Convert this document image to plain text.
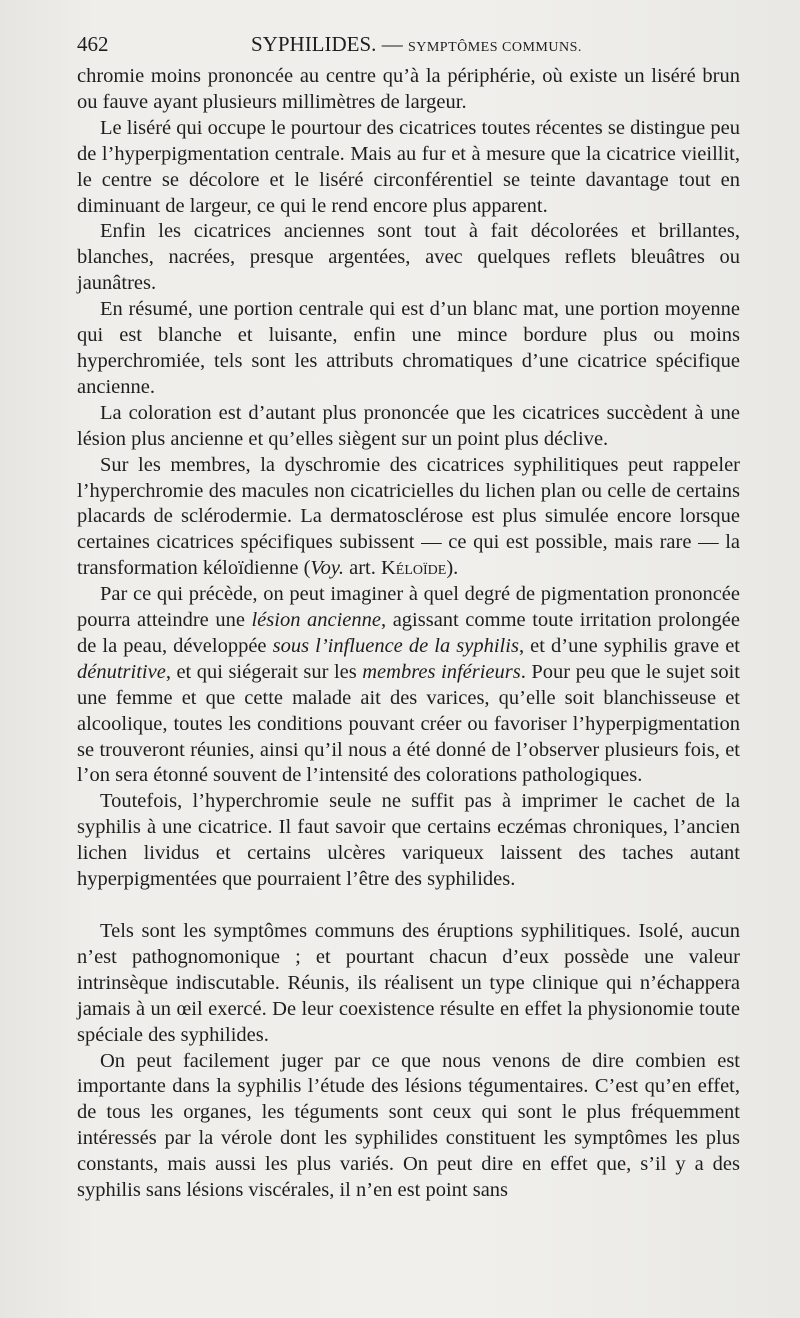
462	SYPHILIDES. — SYMPTÔMES COMMUNS.

chromie moins prononcée au centre qu’à la périphérie, où existe un liséré brun ou fauve ayant plusieurs millimètres de largeur.

Le liséré qui occupe le pourtour des cicatrices toutes récentes se distingue peu de l’hyperpigmentation centrale. Mais au fur et à mesure que la cicatrice vieillit, le centre se décolore et le liséré circonférentiel se teinte davantage tout en diminuant de largeur, ce qui le rend encore plus apparent.

Enfin les cicatrices anciennes sont tout à fait décolorées et brillantes, blanches, nacrées, presque argentées, avec quelques reflets bleuâtres ou jaunâtres.

En résumé, une portion centrale qui est d’un blanc mat, une portion moyenne qui est blanche et luisante, enfin une mince bordure plus ou moins hyperchromiée, tels sont les attributs chromatiques d’une cicatrice spécifique ancienne.

La coloration est d’autant plus prononcée que les cicatrices succèdent à une lésion plus ancienne et qu’elles siègent sur un point plus déclive.

Sur les membres, la dyschromie des cicatrices syphilitiques peut rappeler l’hyperchromie des macules non cicatricielles du lichen plan ou celle de certains placards de sclérodermie. La dermatosclérose est plus simulée encore lorsque certaines cicatrices spécifiques subissent — ce qui est possible, mais rare — la transformation kéloïdienne (Voy. art. Kéloïde).

Par ce qui précède, on peut imaginer à quel degré de pigmentation prononcée pourra atteindre une lésion ancienne, agissant comme toute irritation prolongée de la peau, développée sous l’influence de la syphilis, et d’une syphilis grave et dénutritive, et qui siégerait sur les membres inférieurs. Pour peu que le sujet soit une femme et que cette malade ait des varices, qu’elle soit blanchisseuse et alcoolique, toutes les conditions pouvant créer ou favoriser l’hyperpigmentation se trouveront réunies, ainsi qu’il nous a été donné de l’observer plusieurs fois, et l’on sera étonné souvent de l’intensité des colorations pathologiques.

Toutefois, l’hyperchromie seule ne suffit pas à imprimer le cachet de la syphilis à une cicatrice. Il faut savoir que certains eczémas chroniques, l’ancien lichen lividus et certains ulcères variqueux laissent des taches autant hyperpigmentées que pourraient l’être des syphilides.

Tels sont les symptômes communs des éruptions syphilitiques. Isolé, aucun n’est pathognomonique ; et pourtant chacun d’eux possède une valeur intrinsèque indiscutable. Réunis, ils réalisent un type clinique qui n’échappera jamais à un œil exercé. De leur coexistence résulte en effet la physionomie toute spéciale des syphilides.

On peut facilement juger par ce que nous venons de dire combien est importante dans la syphilis l’étude des lésions tégumentaires. C’est qu’en effet, de tous les organes, les téguments sont ceux qui sont le plus fréquemment intéressés par la vérole dont les syphilides constituent les symptômes les plus constants, mais aussi les plus variés. On peut dire en effet que, s’il y a des syphilis sans lésions viscérales, il n’en est point sans
